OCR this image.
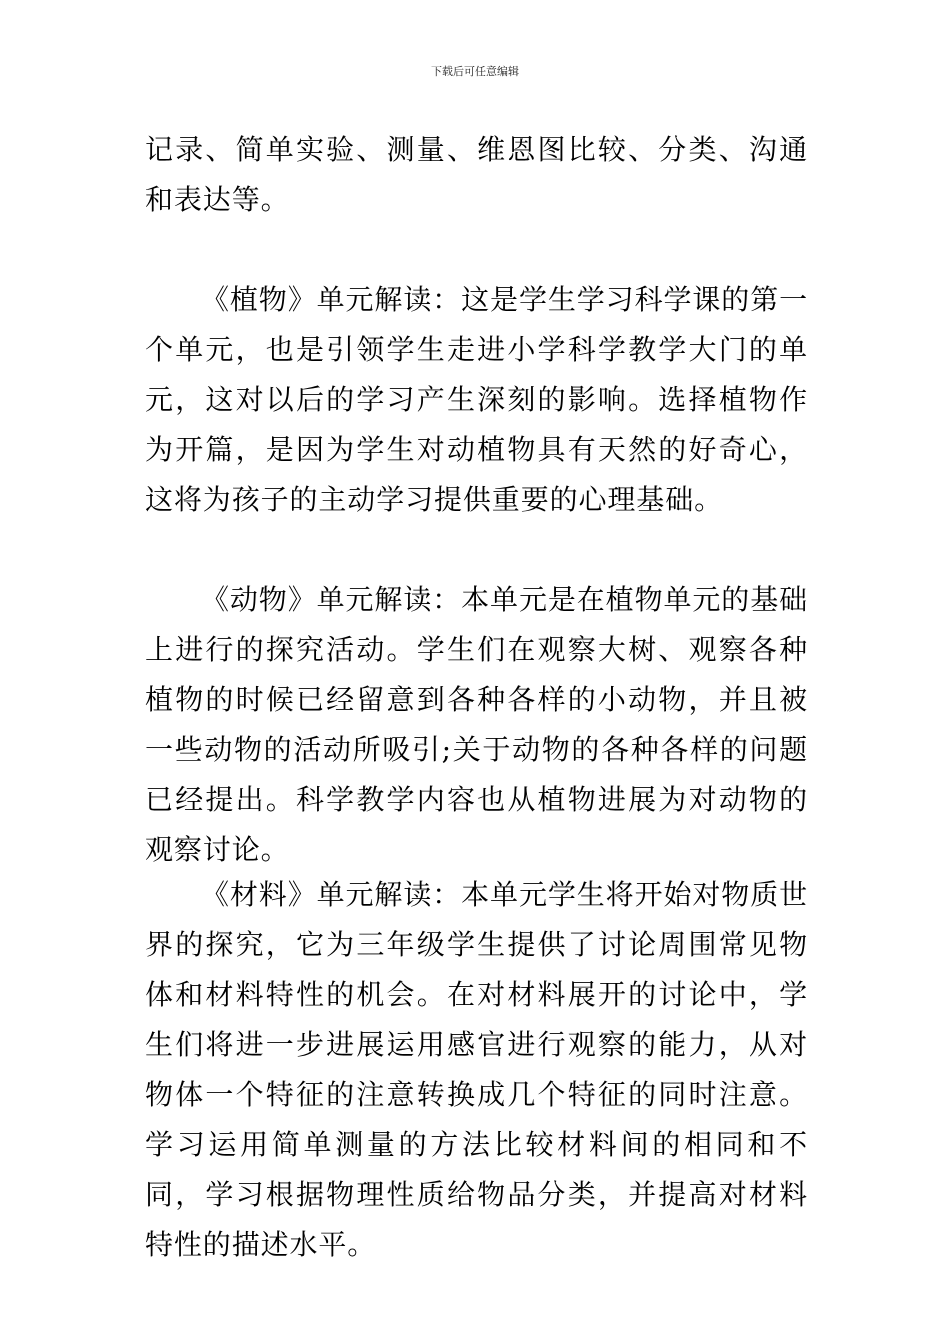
下载后可任意编辑

记录、简单实验、测量、维恩图比较、分类、沟通和表达等。

《植物》单元解读：这是学生学习科学课的第一个单元，也是引领学生走进小学科学教学大门的单元，这对以后的学习产生深刻的影响。选择植物作为开篇，是因为学生对动植物具有天然的好奇心，这将为孩子的主动学习提供重要的心理基础。

《动物》单元解读：本单元是在植物单元的基础上进行的探究活动。学生们在观察大树、观察各种植物的时候已经留意到各种各样的小动物，并且被一些动物的活动所吸引;关于动物的各种各样的问题已经提出。科学教学内容也从植物进展为对动物的观察讨论。

《材料》单元解读：本单元学生将开始对物质世界的探究，它为三年级学生提供了讨论周围常见物体和材料特性的机会。在对材料展开的讨论中，学生们将进一步进展运用感官进行观察的能力，从对物体一个特征的注意转换成几个特征的同时注意。学习运用简单测量的方法比较材料间的相同和不同，学习根据物理性质给物品分类，并提高对材料特性的描述水平。
